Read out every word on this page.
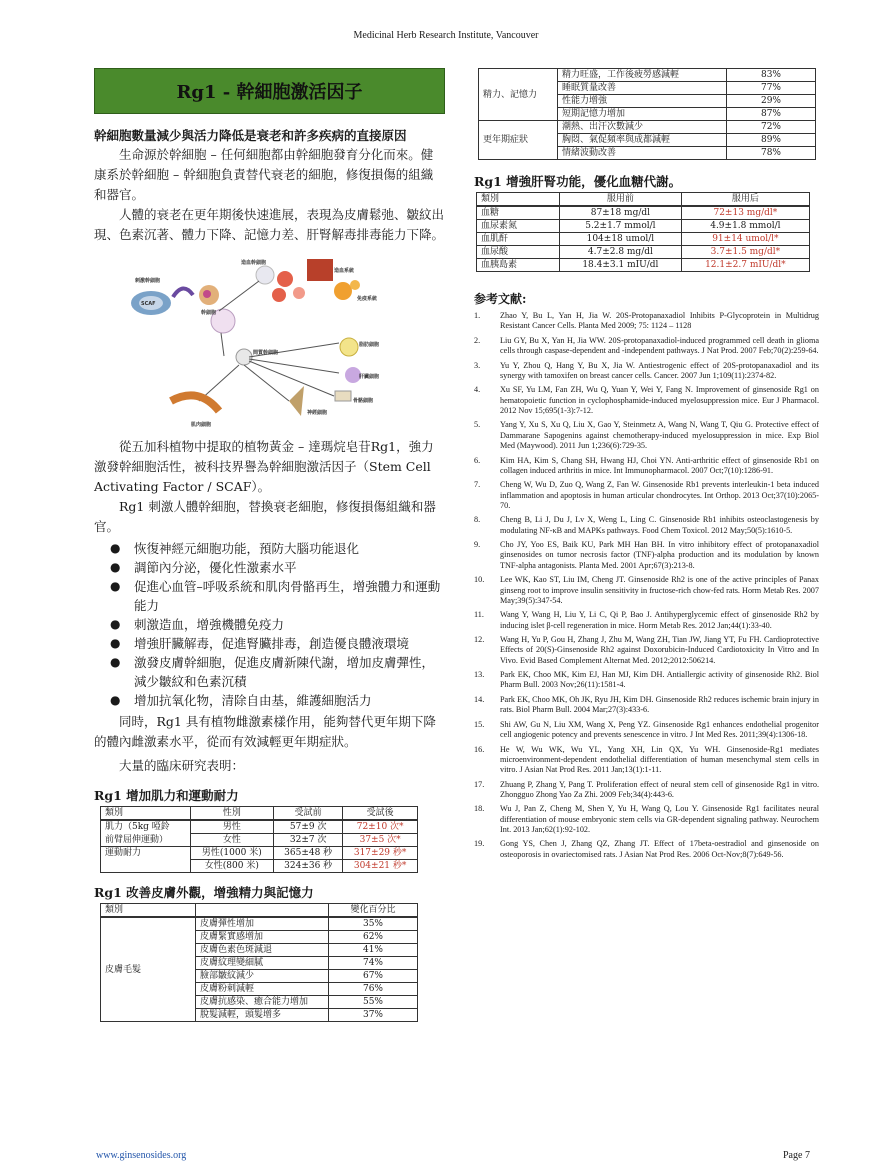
Medicinal Herb Research Institute, Vancouver
Rg1 - 幹細胞激活因子
幹細胞數量減少與活力降低是衰老和許多疾病的直接原因

生命源於幹細胞 – 任何細胞都由幹細胞發育分化而來。健康系於幹細胞 – 幹細胞負責替代衰老的細胞，修復損傷的組織和器官。

人體的衰老在更年期後快速進展，表現為皮膚鬆弛、皺紋出現、色素沉著、體力下降、記憶力差、肝腎解毒排毒能力下降。

刺激幹細胞
SCAF
造血幹細胞
造血系統
免疫系統
幹細胞
間質幹細胞
脂肪細胞
肝臟細胞
骨骼細胞
神經細胞
肌肉細胞

從五加科植物中提取的植物黃金 – 達瑪烷皂苷Rg1，強力激發幹細胞活性，被科技界譽為幹細胞激活因子（Stem Cell Activating Factor / SCAF）。

Rg1 刺激人體幹細胞，替換衰老細胞，修復損傷組織和器官。

● 恢復神經元細胞功能，預防大腦功能退化
● 調節內分泌，優化性激素水平
● 促進心血管–呼吸系統和肌肉骨骼再生，增強體力和運動能力
● 刺激造血，增強機體免疫力
● 增強肝臟解毒，促進腎臟排毒，創造優良體液環境
● 激發皮膚幹細胞，促進皮膚新陳代謝，增加皮膚彈性，減少皺紋和色素沉積
● 增加抗氧化物，清除自由基，維護細胞活力

同時，Rg1 具有植物雌激素樣作用，能夠替代更年期下降的體內雌激素水平，從而有效減輕更年期症狀。

大量的臨床研究表明：

Rg1 增加肌力和運動耐力
類別	性別	受試前	受試後
肌力（5kg 啞鈴	男性	57±9 次	72±10 次*
前臂屈伸運動）	女性	32±7 次	37±5 次*
運動耐力	男性(1000 米)	365±48 秒	317±29 秒*
	女性(800 米)	324±36 秒	304±21 秒*
Rg1 改善皮膚外觀，增強精力與記憶力
類別		變化百分比
皮膚毛髮	皮膚彈性增加	35%
	皮膚緊實感增加	62%
	皮膚色素色斑減退	41%
	皮膚紋理變細膩	74%
	臉部皺紋減少	67%
	皮膚粉刺減輕	76%
	皮膚抗感染、癒合能力增加	55%
	脫髮減輕，頭髮增多	37%
精力、記憶力	精力旺盛，工作後疲勞感減輕	83%
	睡眠質量改善	77%
	性能力增強	29%
	短期記憶力增加	87%
更年期症狀	潮熱、出汗次數減少	72%
	胸悶、氣促頻率與成都減輕	89%
	情緒波動改善	78%
Rg1 增強肝腎功能，優化血糖代謝。
類別	服用前	服用后
血糖	87±18 mg/dl	72±13 mg/dl*
血尿素氮	5.2±1.7 mmol/l	4.9±1.8 mmol/l
血肌酐	104±18 umol/l	91±14 umol/l*
血尿酸	4.7±2.8 mg/dl	3.7±1.5 mg/dl*
血胰島素	18.4±3.1 mIU/dl	12.1±2.7 mIU/dl*
参考文献:
1. Zhao Y, Bu L, Yan H, Jia W. 20S-Protopanaxadiol Inhibits P-Glycoprotein in Multidrug Resistant Cancer Cells. Planta Med 2009; 75: 1124 – 1128
2. Liu GY, Bu X, Yan H, Jia WW. 20S-protopanaxadiol-induced programmed cell death in glioma cells through caspase-dependent and -independent pathways. J Nat Prod. 2007 Feb;70(2):259-64.
3. Yu Y, Zhou Q, Hang Y, Bu X, Jia W. Antiestrogenic effect of 20S-protopanaxadiol and its synergy with tamoxifen on breast cancer cells. Cancer. 2007 Jun 1;109(11):2374-82.
4. Xu SF, Yu LM, Fan ZH, Wu Q, Yuan Y, Wei Y, Fang N. Improvement of ginsenoside Rg1 on hematopoietic function in cyclophosphamide-induced myelosuppression mice. Eur J Pharmacol. 2012 Nov 15;695(1-3):7-12.
5. Yang Y, Xu S, Xu Q, Liu X, Gao Y, Steinmetz A, Wang N, Wang T, Qiu G. Protective effect of Dammarane Sapogenins against chemotherapy-induced myelosuppression in mice. Exp Biol Med (Maywood). 2011 Jun 1;236(6):729-35.
6. Kim HA, Kim S, Chang SH, Hwang HJ, Choi YN. Anti-arthritic effect of ginsenoside Rb1 on collagen induced arthritis in mice. Int Immunopharmacol. 2007 Oct;7(10):1286-91.
7. Cheng W, Wu D, Zuo Q, Wang Z, Fan W. Ginsenoside Rb1 prevents interleukin-1 beta induced inflammation and apoptosis in human articular chondrocytes. Int Orthop. 2013 Oct;37(10):2065-70.
8. Cheng B, Li J, Du J, Lv X, Weng L, Ling C. Ginsenoside Rb1 inhibits osteoclastogenesis by modulating NF-κB and MAPKs pathways. Food Chem Toxicol. 2012 May;50(5):1610-5.
9. Cho JY, Yoo ES, Baik KU, Park MH Han BH. In vitro inhibitory effect of protopanaxadiol ginsenosides on tumor necrosis factor (TNF)-alpha production and its modulation by known TNF-alpha antagonists. Planta Med. 2001 Apr;67(3):213-8.
10. Lee WK, Kao ST, Liu IM, Cheng JT. Ginsenoside Rh2 is one of the active principles of Panax ginseng root to improve insulin sensitivity in fructose-rich chow-fed rats. Horm Metab Res. 2007 May;39(5):347-54.
11. Wang Y, Wang H, Liu Y, Li C, Qi P, Bao J. Antihyperglycemic effect of ginsenoside Rh2 by inducing islet β-cell regeneration in mice. Horm Metab Res. 2012 Jan;44(1):33-40.
12. Wang H, Yu P, Gou H, Zhang J, Zhu M, Wang ZH, Tian JW, Jiang YT, Fu FH. Cardioprotective Effects of 20(S)-Ginsenoside Rh2 against Doxorubicin-Induced Cardiotoxicity In Vitro and In Vivo. Evid Based Complement Alternat Med. 2012;2012:506214.
13. Park EK, Choo MK, Kim EJ, Han MJ, Kim DH. Antiallergic activity of ginsenoside Rh2. Biol Pharm Bull. 2003 Nov;26(11):1581-4.
14. Park EK, Choo MK, Oh JK, Ryu JH, Kim DH. Ginsenoside Rh2 reduces ischemic brain injury in rats. Biol Pharm Bull. 2004 Mar;27(3):433-6.
15. Shi AW, Gu N, Liu XM, Wang X, Peng YZ. Ginsenoside Rg1 enhances endothelial progenitor cell angiogenic potency and prevents senescence in vitro. J Int Med Res. 2011;39(4):1306-18.
16. He W, Wu WK, Wu YL, Yang XH, Lin QX, Yu WH. Ginsenoside-Rg1 mediates microenvironment-dependent endothelial differentiation of human mesenchymal stem cells in vitro. J Asian Nat Prod Res. 2011 Jan;13(1):1-11.
17. Zhuang P, Zhang Y, Pang T. Proliferation effect of neural stem cell of ginsenoside Rg1 in vitro. Zhongguo Zhong Yao Za Zhi. 2009 Feb;34(4):443-6.
18. Wu J, Pan Z, Cheng M, Shen Y, Yu H, Wang Q, Lou Y. Ginsenoside Rg1 facilitates neural differentiation of mouse embryonic stem cells via GR-dependent signaling pathway. Neurochem Int. 2013 Jan;62(1):92-102.
19. Gong YS, Chen J, Zhang QZ, Zhang JT. Effect of 17beta-oestradiol and ginsenoside on osteoporosis in ovariectomised rats. J Asian Nat Prod Res. 2006 Oct-Nov;8(7):649-56.
www.ginsenosides.org	Page 7
